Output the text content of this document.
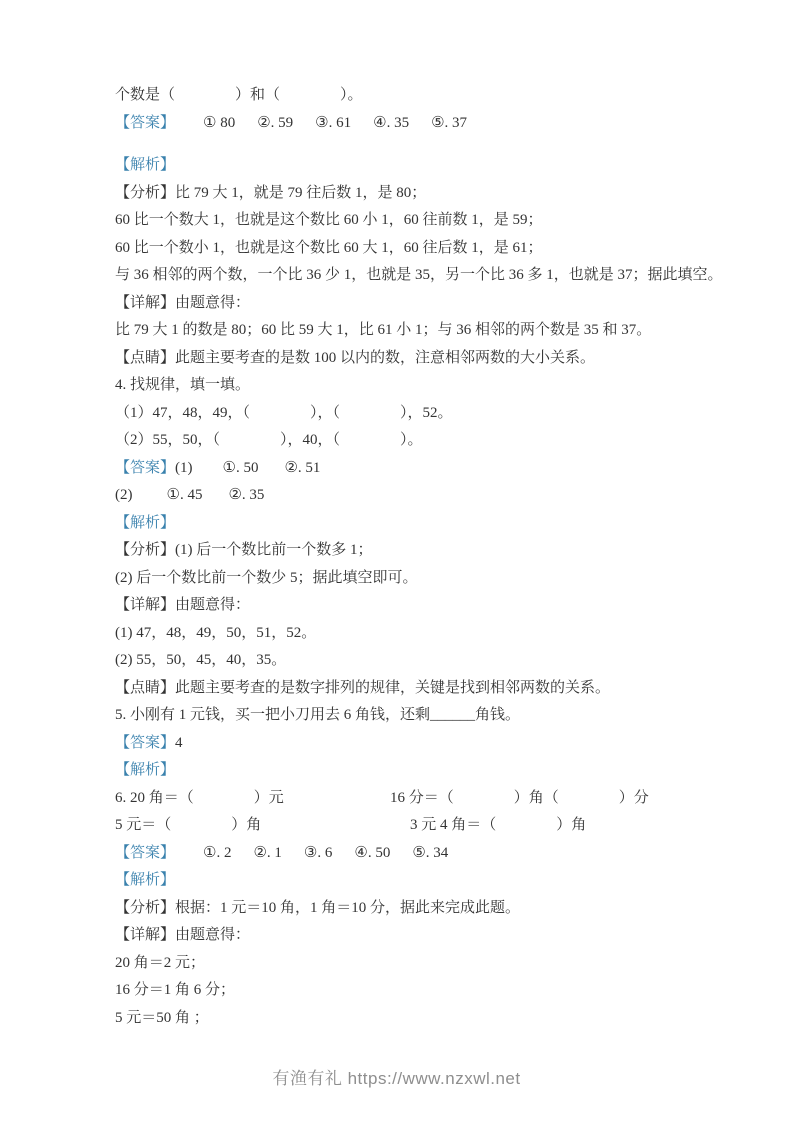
个数是（　　　　）和（　　　　）。
【答案】 ① 80 ②. 59 ③. 61 ④. 35 ⑤. 37
【解析】
【分析】比 79 大 1，就是 79 往后数 1，是 80；
60 比一个数大 1，也就是这个数比 60 小 1，60 往前数 1，是 59；
60 比一个数小 1，也就是这个数比 60 大 1，60 往后数 1，是 61；
与 36 相邻的两个数，一个比 36 少 1，也就是 35，另一个比 36 多 1，也就是 37；据此填空。
【详解】由题意得：
比 79 大 1 的数是 80；60 比 59 大 1，比 61 小 1；与 36 相邻的两个数是 35 和 37。
【点睛】此题主要考查的是数 100 以内的数，注意相邻两数的大小关系。
4. 找规律，填一填。
（1）47，48，49，（　　　　），（　　　　），52。
（2）55，50，（　　　　），40，（　　　　）。
【答案】(1) ①. 50 ②. 51
(2) ①. 45 ②. 35
【解析】
【分析】(1) 后一个数比前一个数多 1；
(2) 后一个数比前一个数少 5；据此填空即可。
【详解】由题意得：
(1) 47，48，49，50，51，52。
(2) 55，50，45，40，35。
【点睛】此题主要考查的是数字排列的规律，关键是找到相邻两数的关系。
5. 小刚有 1 元钱，买一把小刀用去 6 角钱，还剩______角钱。
【答案】4
【解析】
6. 20 角＝（　　　　）元	16 分＝（　　　　）角（　　　　）分
5 元＝（　　　　）角	3 元 4 角＝（　　　　）角
【答案】 ①. 2 ②. 1 ③. 6 ④. 50 ⑤. 34
【解析】
【分析】根据：1 元＝10 角，1 角＝10 分，据此来完成此题。
【详解】由题意得：
20 角＝2 元；
16 分＝1 角 6 分；
5 元＝50 角 ；
有渔有礼 https://www.nzxwl.net
